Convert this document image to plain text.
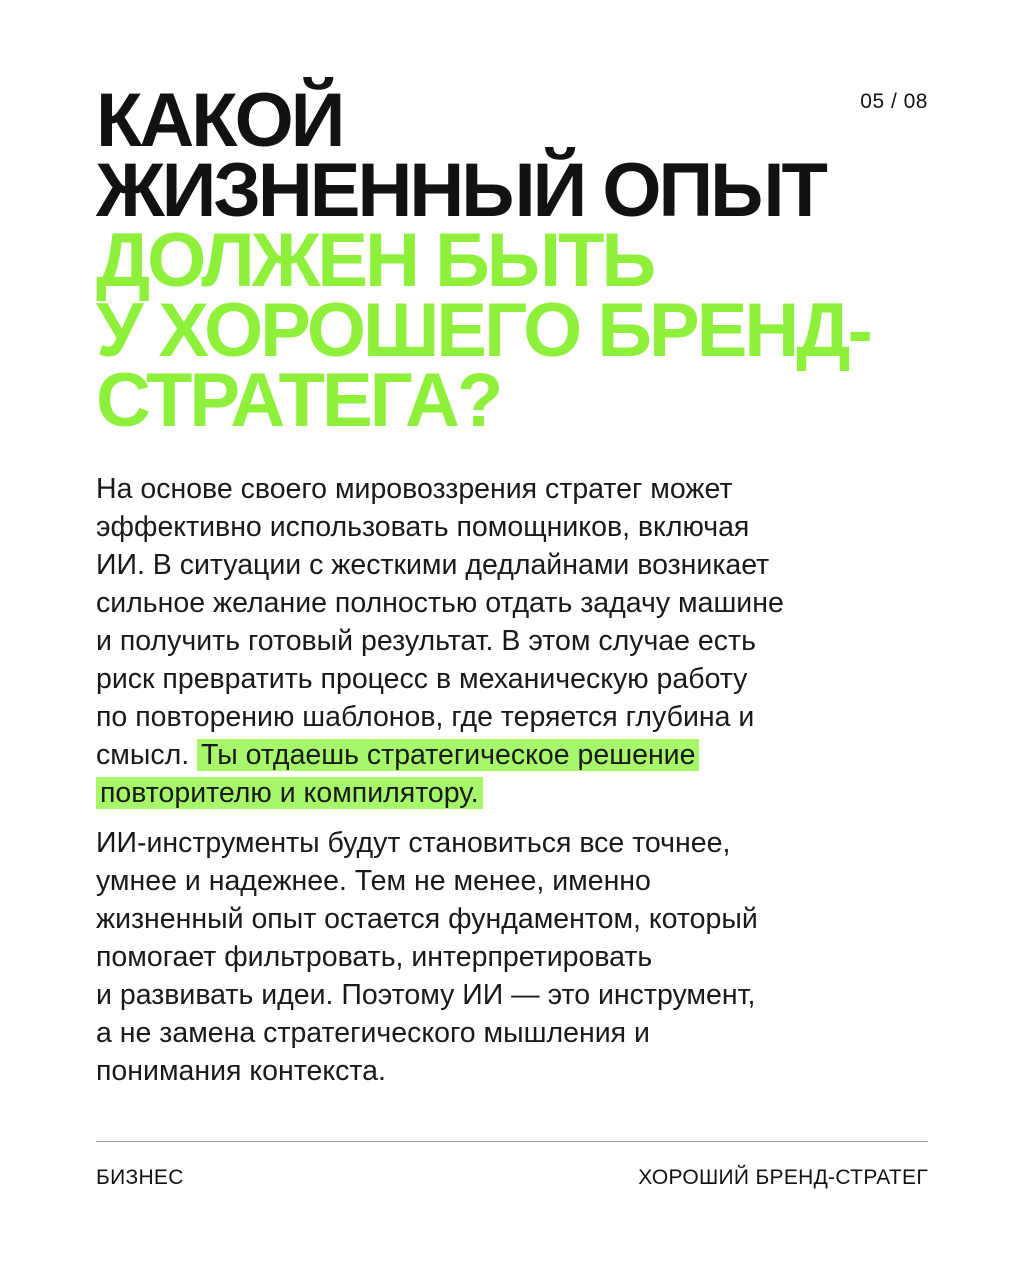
05 / 08
КАКОЙ
ЖИЗНЕННЫЙ ОПЫТ
ДОЛЖЕН БЫТЬ
У ХОРОШЕГО БРЕНД-
СТРАТЕГА?

На основе своего мировоззрения стратег может
эффективно использовать помощников, включая
ИИ. В ситуации с жесткими дедлайнами возникает
сильное желание полностью отдать задачу машине
и получить готовый результат. В этом случае есть
риск превратить процесс в механическую работу
по повторению шаблонов, где теряется глубина и
смысл. Ты отдаешь стратегическое решение
повторителю и компилятору.

ИИ-инструменты будут становиться все точнее,
умнее и надежнее. Тем не менее, именно
жизненный опыт остается фундаментом, который
помогает фильтровать, интерпретировать
и развивать идеи. Поэтому ИИ — это инструмент,
а не замена стратегического мышления и
понимания контекста.

БИЗНЕС	ХОРОШИЙ БРЕНД-СТРАТЕГ
